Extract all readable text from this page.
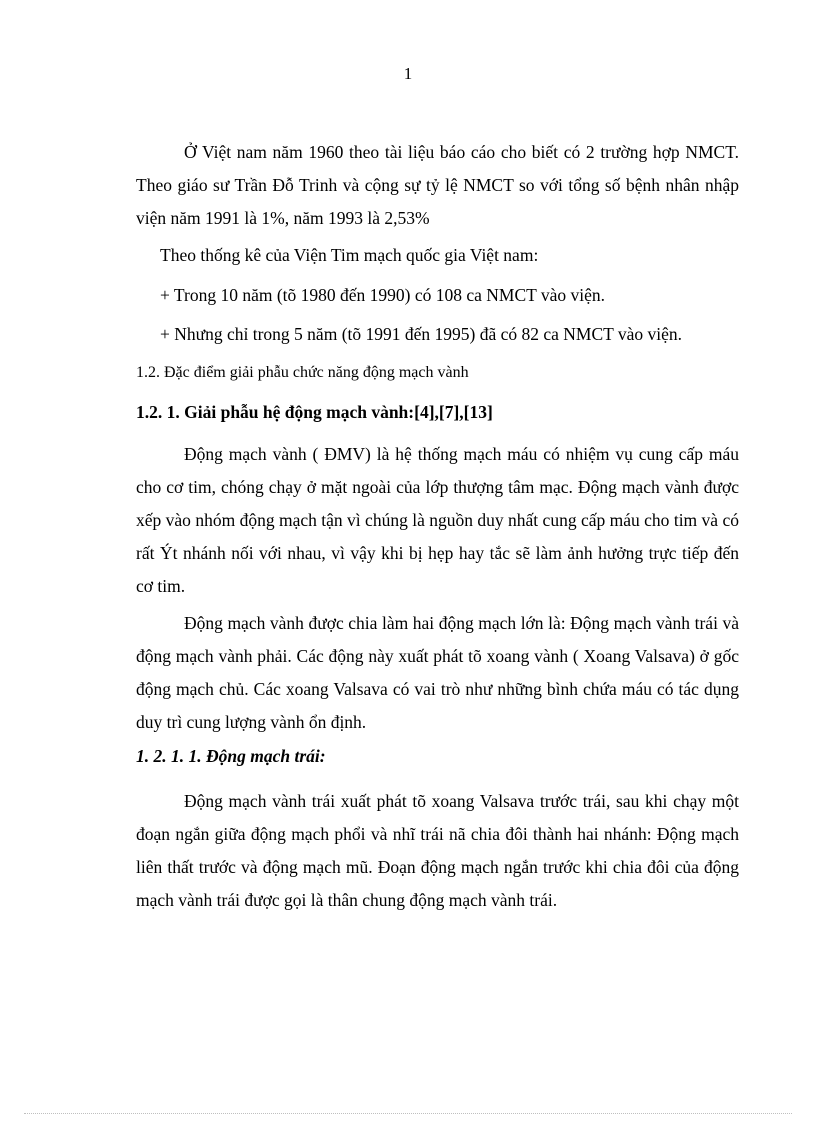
1

Ở Việt nam năm 1960 theo tài liệu báo cáo cho biết có 2 trường hợp NMCT. Theo giáo sư Trần Đỗ Trinh và cộng sự tỷ lệ NMCT so với tổng số bệnh nhân nhập viện năm 1991 là 1%, năm 1993 là 2,53%

Theo thống kê của Viện Tim mạch quốc gia Việt nam:
+ Trong 10 năm (tõ 1980 đến 1990) có 108 ca NMCT vào viện.
+ Nhưng chỉ trong 5 năm (tõ 1991 đến 1995) đã có 82 ca NMCT vào viện.
1.2. Đặc điểm giải phẫu chức năng động mạch vành
1.2. 1. Giải phẫu hệ động mạch vành:[4],[7],[13]

Động mạch vành ( ĐMV) là hệ thống mạch máu có nhiệm vụ cung cấp máu cho cơ tim, chóng chạy ở mặt ngoài của lớp thượng tâm mạc. Động mạch vành được xếp vào nhóm động mạch tận vì chúng là nguồn duy nhất cung cấp máu cho tim và có rất Ýt nhánh nối với nhau, vì vậy khi bị hẹp hay tắc sẽ làm ảnh hưởng trực tiếp đến cơ tim.

Động mạch vành được chia làm hai động mạch lớn là: Động mạch vành trái và động mạch vành phải. Các động này xuất phát tõ xoang vành ( Xoang Valsava) ở gốc động mạch chủ. Các xoang Valsava có vai trò như những bình chứa máu có tác dụng duy trì cung lượng vành ổn định.

1. 2. 1. 1. Động mạch trái:

Động mạch vành trái xuất phát tõ xoang Valsava trước trái, sau khi chạy một đoạn ngắn giữa động mạch phổi và nhĩ trái nã chia đôi thành hai nhánh: Động mạch liên thất trước và động mạch mũ. Đoạn động mạch ngắn trước khi chia đôi của động mạch vành trái được gọi là thân chung động mạch vành trái.
